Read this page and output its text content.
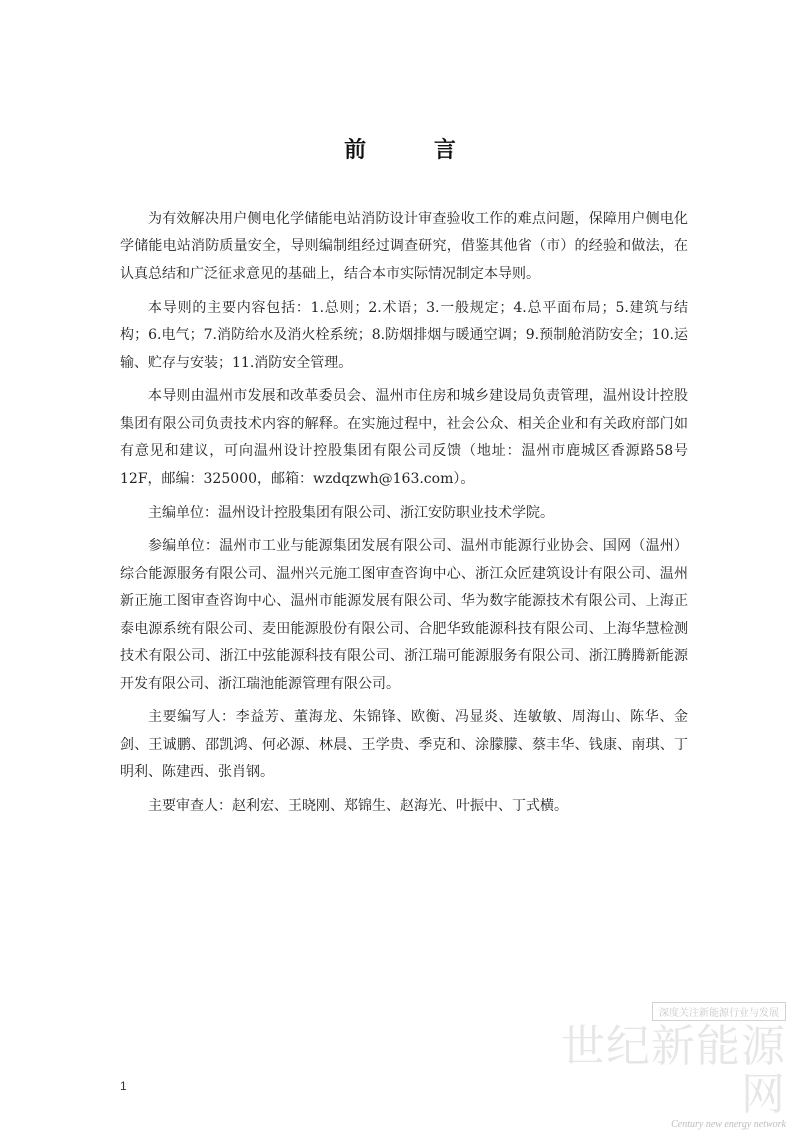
前 言

为有效解决用户侧电化学储能电站消防设计审查验收工作的难点问题，保障用户侧电化学储能电站消防质量安全，导则编制组经过调查研究，借鉴其他省（市）的经验和做法，在认真总结和广泛征求意见的基础上，结合本市实际情况制定本导则。

本导则的主要内容包括：1.总则；2.术语；3.一般规定；4.总平面布局；5.建筑与结构；6.电气；7.消防给水及消火栓系统；8.防烟排烟与暖通空调；9.预制舱消防安全；10.运输、贮存与安装；11.消防安全管理。

本导则由温州市发展和改革委员会、温州市住房和城乡建设局负责管理，温州设计控股集团有限公司负责技术内容的解释。在实施过程中，社会公众、相关企业和有关政府部门如有意见和建议，可向温州设计控股集团有限公司反馈（地址：温州市鹿城区香源路58号12F，邮编：325000，邮箱：wzdqzwh@163.com）。

主编单位：温州设计控股集团有限公司、浙江安防职业技术学院。

参编单位：温州市工业与能源集团发展有限公司、温州市能源行业协会、国网（温州）综合能源服务有限公司、温州兴元施工图审查咨询中心、浙江众匠建筑设计有限公司、温州新正施工图审查咨询中心、温州市能源发展有限公司、华为数字能源技术有限公司、上海正泰电源系统有限公司、麦田能源股份有限公司、合肥华致能源科技有限公司、上海华慧检测技术有限公司、浙江中弦能源科技有限公司、浙江瑞可能源服务有限公司、浙江腾腾新能源开发有限公司、浙江瑞池能源管理有限公司。

主要编写人：李益芳、董海龙、朱锦锋、欧衡、冯显炎、连敏敏、周海山、陈华、金剑、王诚鹏、邵凯鸿、何必源、林晨、王学贵、季克和、涂朦朦、蔡丰华、钱康、南琪、丁明利、陈建西、张肖钢。

主要审查人：赵利宏、王晓刚、郑锦生、赵海光、叶振中、丁式横。

1
深度关注新能源行业与发展
世纪新能源网
Century new energy network
